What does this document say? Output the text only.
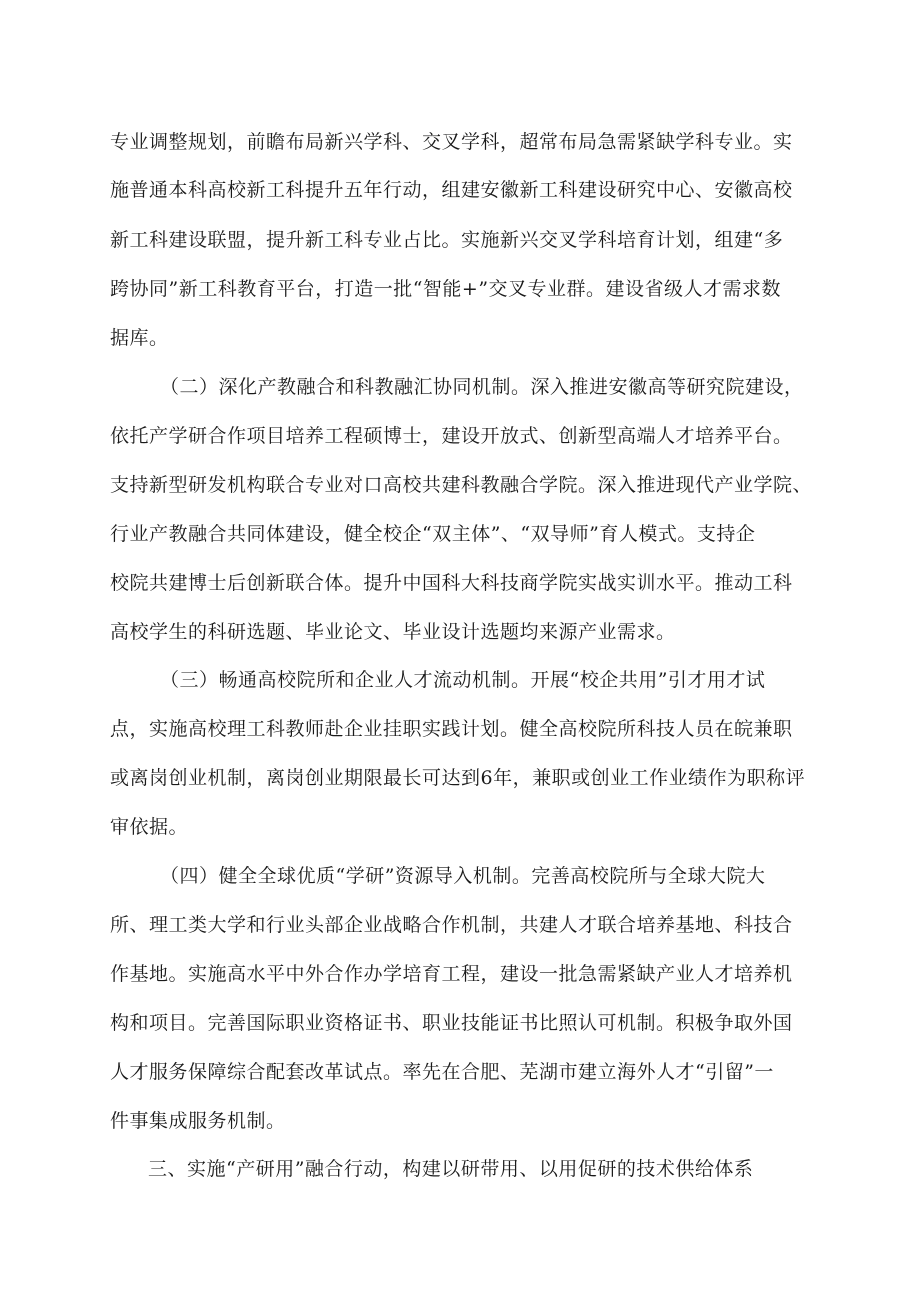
专业调整规划，前瞻布局新兴学科、交叉学科，超常布局急需紧缺学科专业。实
施普通本科高校新工科提升五年行动，组建安徽新工科建设研究中心、安徽高校
新工科建设联盟，提升新工科专业占比。实施新兴交叉学科培育计划，组建“多
跨协同”新工科教育平台，打造一批“智能+”交叉专业群。建设省级人才需求数
据库。
（二）深化产教融合和科教融汇协同机制。深入推进安徽高等研究院建设，
依托产学研合作项目培养工程硕博士，建设开放式、创新型高端人才培养平台。
支持新型研发机构联合专业对口高校共建科教融合学院。深入推进现代产业学院、
行业产教融合共同体建设，健全校企“双主体”、“双导师”育人模式。支持企
校院共建博士后创新联合体。提升中国科大科技商学院实战实训水平。推动工科
高校学生的科研选题、毕业论文、毕业设计选题均来源产业需求。
（三）畅通高校院所和企业人才流动机制。开展“校企共用”引才用才试
点，实施高校理工科教师赴企业挂职实践计划。健全高校院所科技人员在皖兼职
或离岗创业机制，离岗创业期限最长可达到6年，兼职或创业工作业绩作为职称评
审依据。
（四）健全全球优质“学研”资源导入机制。完善高校院所与全球大院大
所、理工类大学和行业头部企业战略合作机制，共建人才联合培养基地、科技合
作基地。实施高水平中外合作办学培育工程，建设一批急需紧缺产业人才培养机
构和项目。完善国际职业资格证书、职业技能证书比照认可机制。积极争取外国
人才服务保障综合配套改革试点。率先在合肥、芜湖市建立海外人才“引留”一
件事集成服务机制。
三、实施“产研用”融合行动，构建以研带用、以用促研的技术供给体系
